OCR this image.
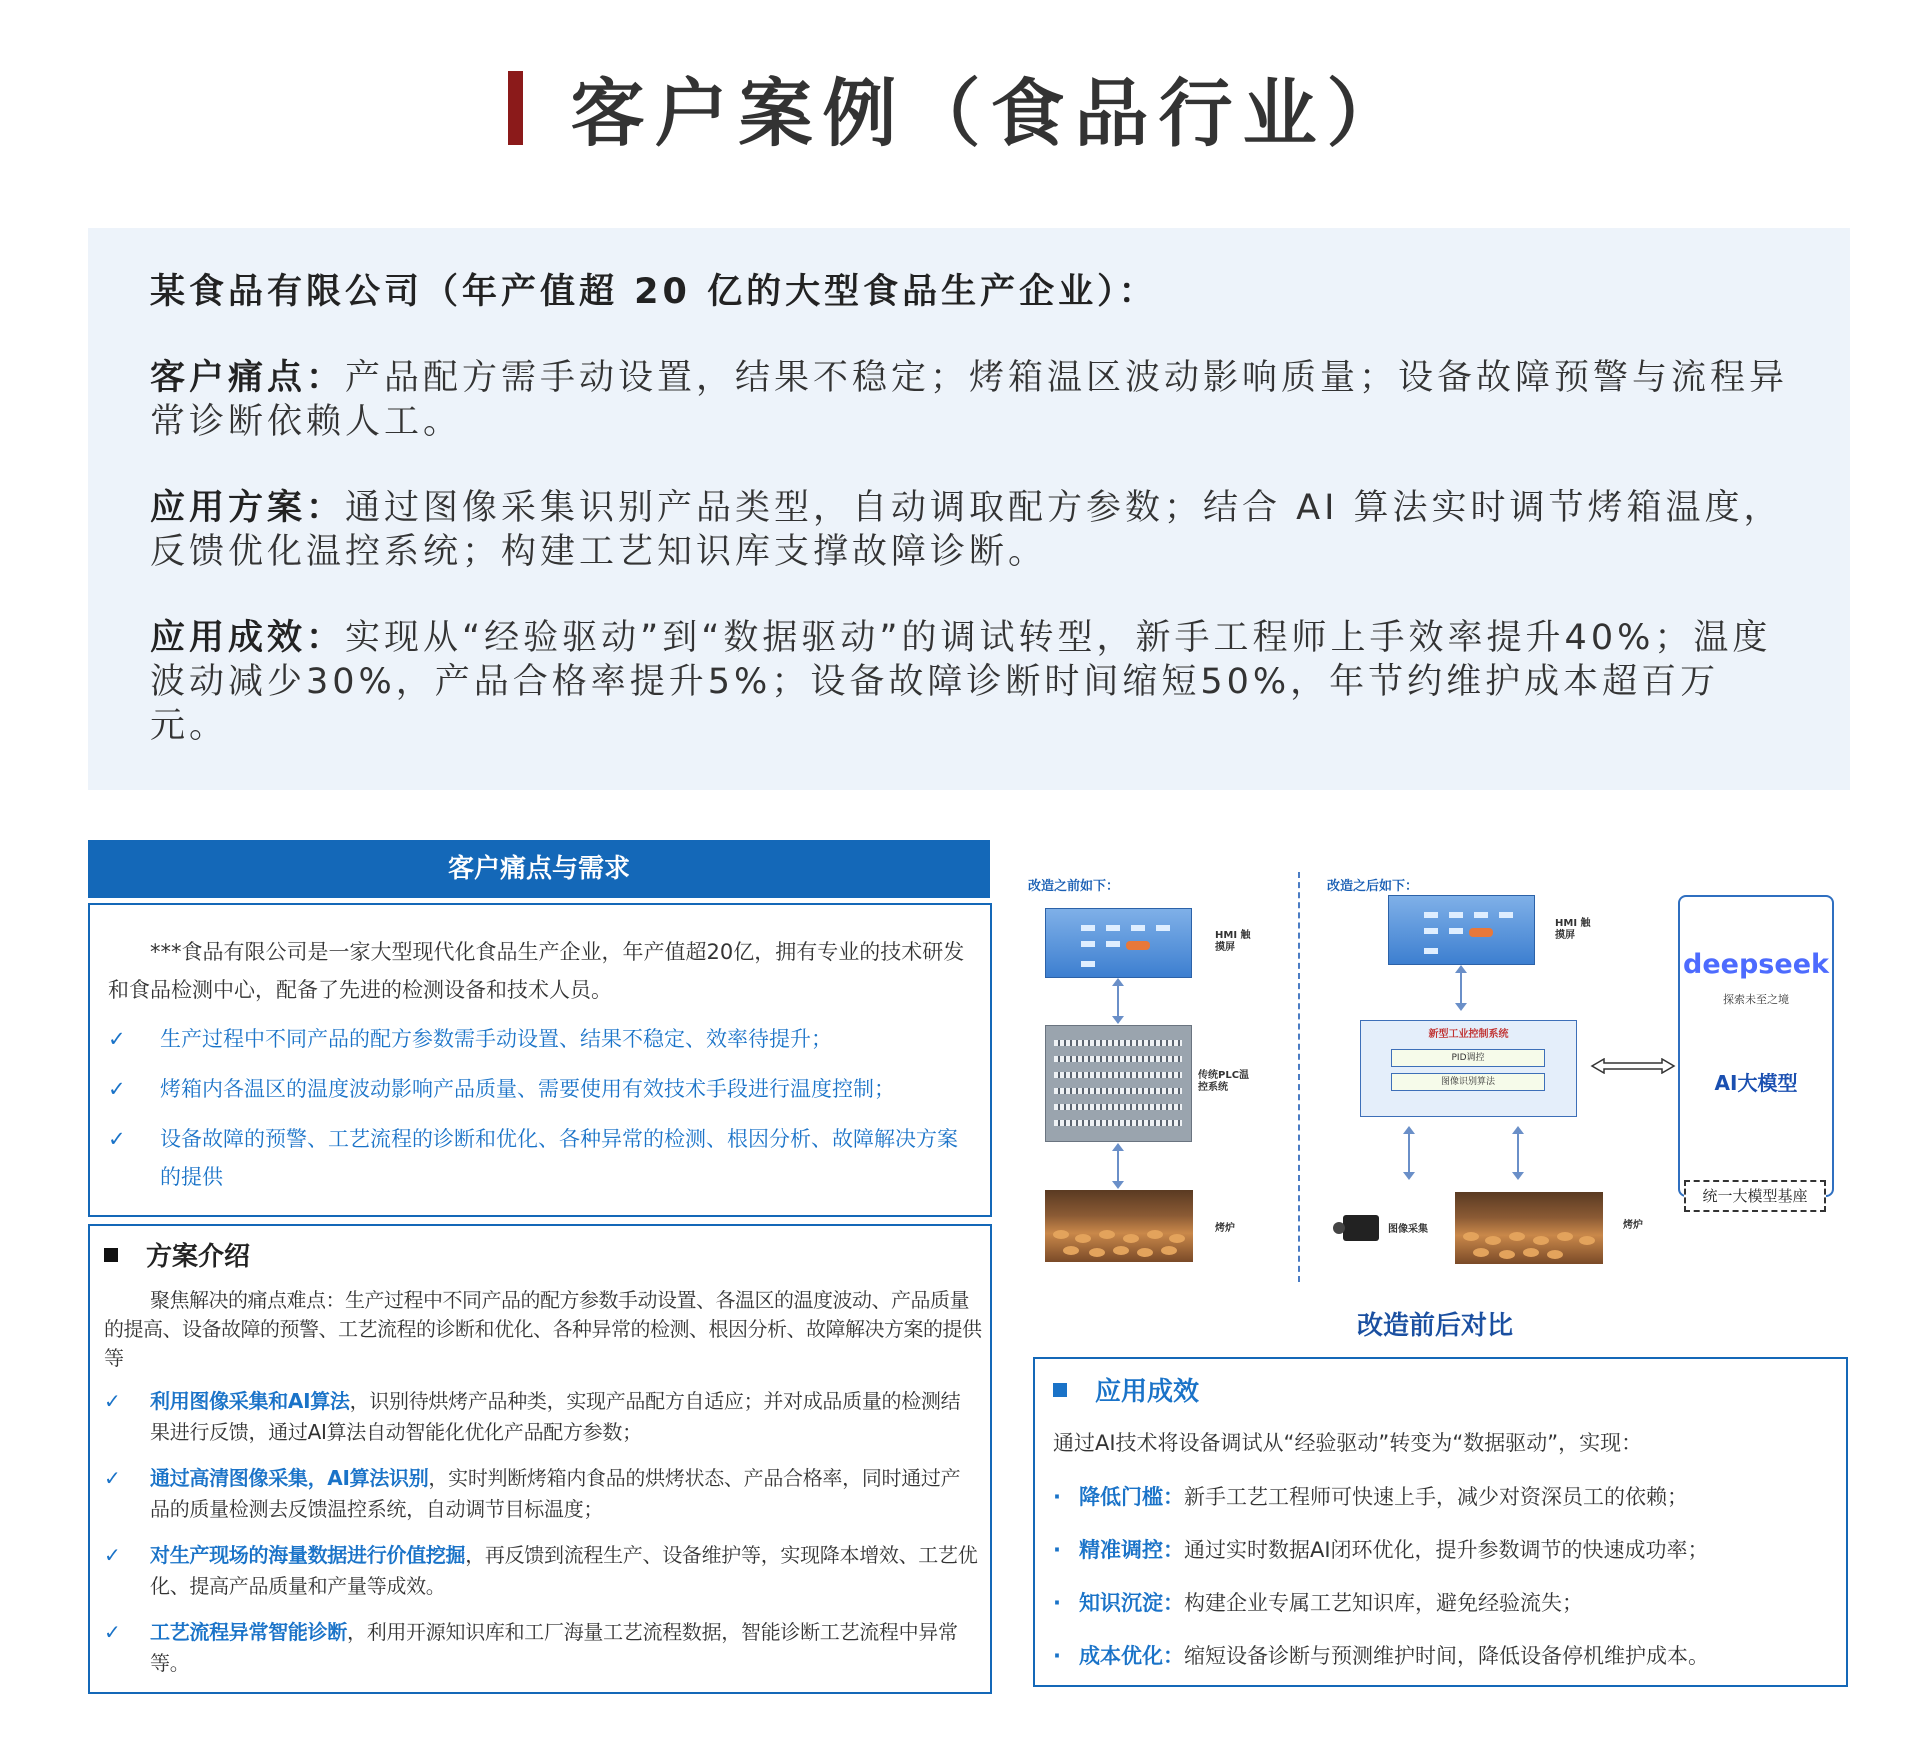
客户案例（食品行业）
某食品有限公司（年产值超 20 亿的大型食品生产企业）：
客户痛点：产品配方需手动设置，结果不稳定；烤箱温区波动影响质量；设备故障预警与流程异常诊断依赖人工。
应用方案：通过图像采集识别产品类型，自动调取配方参数；结合 AI 算法实时调节烤箱温度，反馈优化温控系统；构建工艺知识库支撑故障诊断。
应用成效：实现从“经验驱动”到“数据驱动”的调试转型，新手工程师上手效率提升40%；温度波动减少30%，产品合格率提升5%；设备故障诊断时间缩短50%，年节约维护成本超百万元。
客户痛点与需求
***食品有限公司是一家大型现代化食品生产企业，年产值超20亿，拥有专业的技术研发和食品检测中心，配备了先进的检测设备和技术人员。
✓ 生产过程中不同产品的配方参数需手动设置、结果不稳定、效率待提升；
✓ 烤箱内各温区的温度波动影响产品质量、需要使用有效技术手段进行温度控制；
✓ 设备故障的预警、工艺流程的诊断和优化、各种异常的检测、根因分析、故障解决方案的提供
方案介绍
聚焦解决的痛点难点：生产过程中不同产品的配方参数手动设置、各温区的温度波动、产品质量的提高、设备故障的预警、工艺流程的诊断和优化、各种异常的检测、根因分析、故障解决方案的提供等
✓ 利用图像采集和AI算法，识别待烘烤产品种类，实现产品配方自适应；并对成品质量的检测结果进行反馈，通过AI算法自动智能化优化产品配方参数；
✓ 通过高清图像采集，AI算法识别，实时判断烤箱内食品的烘烤状态、产品合格率，同时通过产品的质量检测去反馈温控系统，自动调节目标温度；
✓ 对生产现场的海量数据进行价值挖掘，再反馈到流程生产、设备维护等，实现降本增效、工艺优化、提高产品质量和产量等成效。
✓ 工艺流程异常智能诊断，利用开源知识库和工厂海量工艺流程数据，智能诊断工艺流程中异常等。
改造之前如下：	改造之后如下：
HMI 触摸屏
传统PLC温控系统
烤炉
HMI 触摸屏
新型工业控制系统
PID调控
图像识别算法
图像采集	烤炉
deepseek
探索未至之境
AI大模型
统一大模型基座
改造前后对比
应用成效
通过AI技术将设备调试从“经验驱动”转变为“数据驱动”，实现：
· 降低门槛：新手工艺工程师可快速上手，减少对资深员工的依赖；
· 精准调控：通过实时数据AI闭环优化，提升参数调节的快速成功率；
· 知识沉淀：构建企业专属工艺知识库，避免经验流失；
· 成本优化：缩短设备诊断与预测维护时间，降低设备停机维护成本。
